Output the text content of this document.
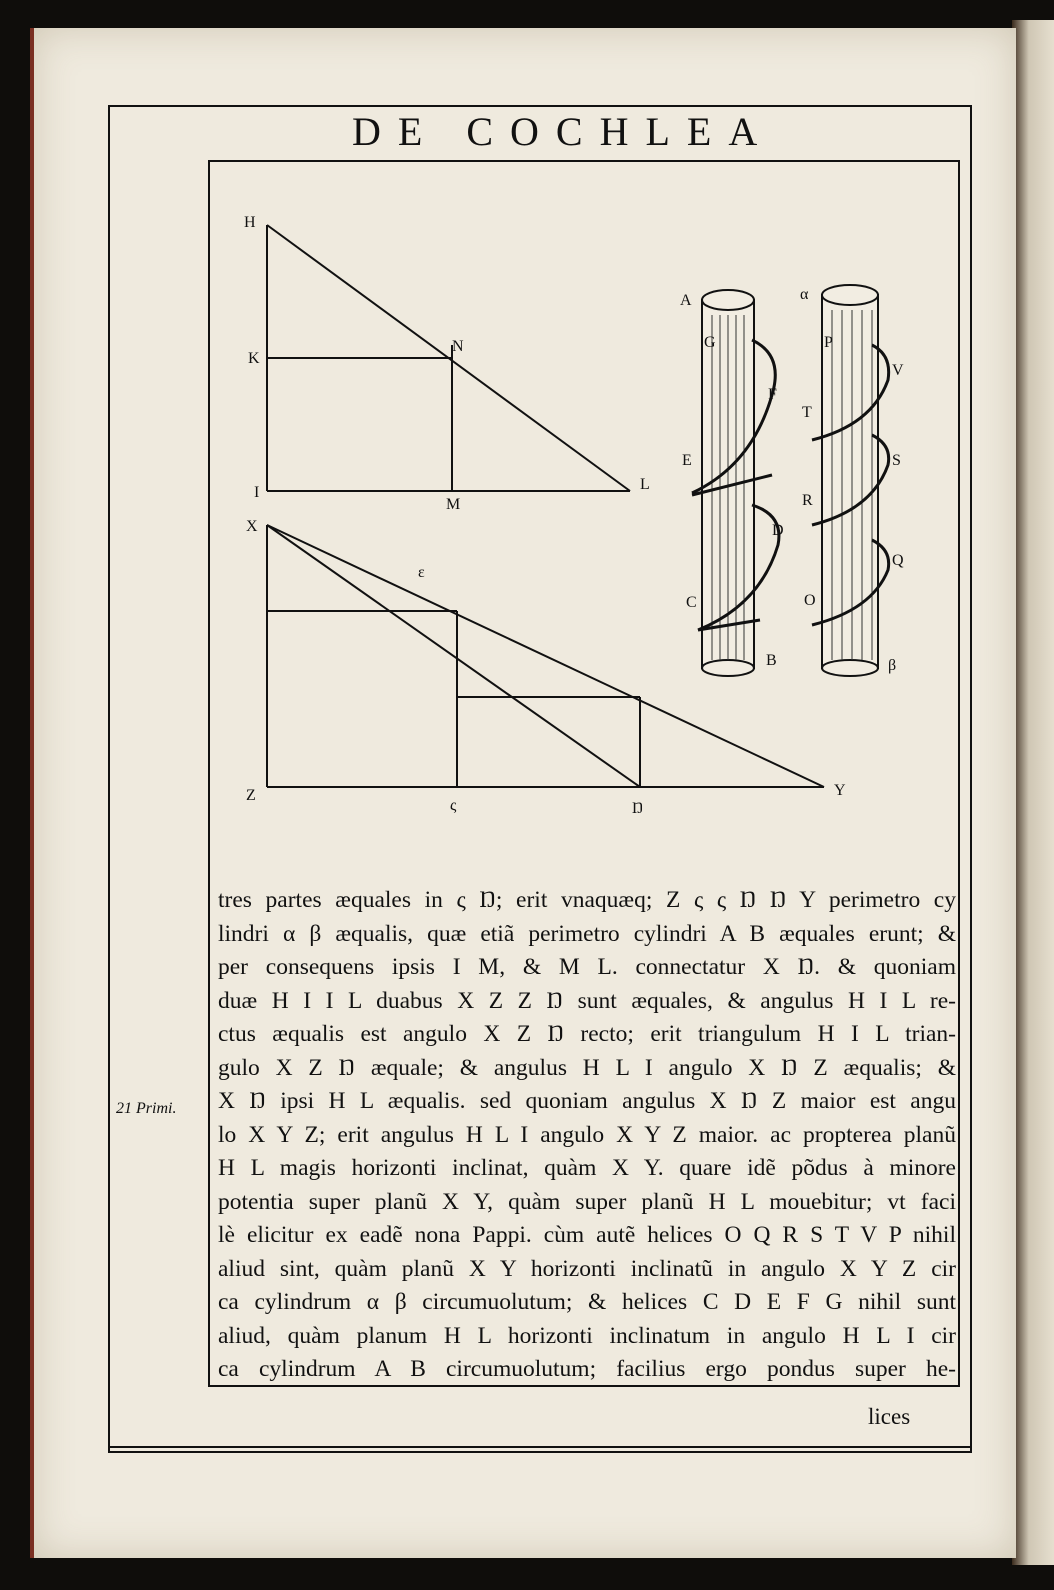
DE COCHLEA
H
K
N
I
M
L
X
ε
Z
ς	Ŋ
Y
A
G
F
E
D
C
B
α
P
V
T
S
R
Q
O
β
tres partes æquales in ς Ŋ; erit vnaquæq; Z ς ς Ŋ Ŋ Y perimetro cy
lindri α β æqualis, quæ etiã perimetro cylindri A B æquales erunt; &
per consequens ipsis I M, & M L. connectatur X Ŋ. & quoniam
duæ H I I L duabus X Z Z Ŋ sunt æquales, & angulus H I L re-
ctus æqualis est angulo X Z Ŋ recto; erit triangulum H I L trian-
gulo X Z Ŋ æquale; & angulus H L I angulo X Ŋ Z æqualis; &
X Ŋ ipsi H L æqualis. sed quoniam angulus X Ŋ Z maior est angu
lo X Y Z; erit angulus H L I angulo X Y Z maior. ac propterea planũ
H L magis horizonti inclinat, quàm X Y. quare idẽ põdus à minore
potentia super planũ X Y, quàm super planũ H L mouebitur; vt faci
lè elicitur ex eadẽ nona Pappi. cùm autẽ helices O Q R S T V P nihil
aliud sint, quàm planũ X Y horizonti inclinatũ in angulo X Y Z cir
ca cylindrum α β circumuolutum; & helices C D E F G nihil sunt
aliud, quàm planum H L horizonti inclinatum in angulo H L I cir
ca cylindrum A B circumuolutum; facilius ergo pondus super he-
21 Primi.
lices
